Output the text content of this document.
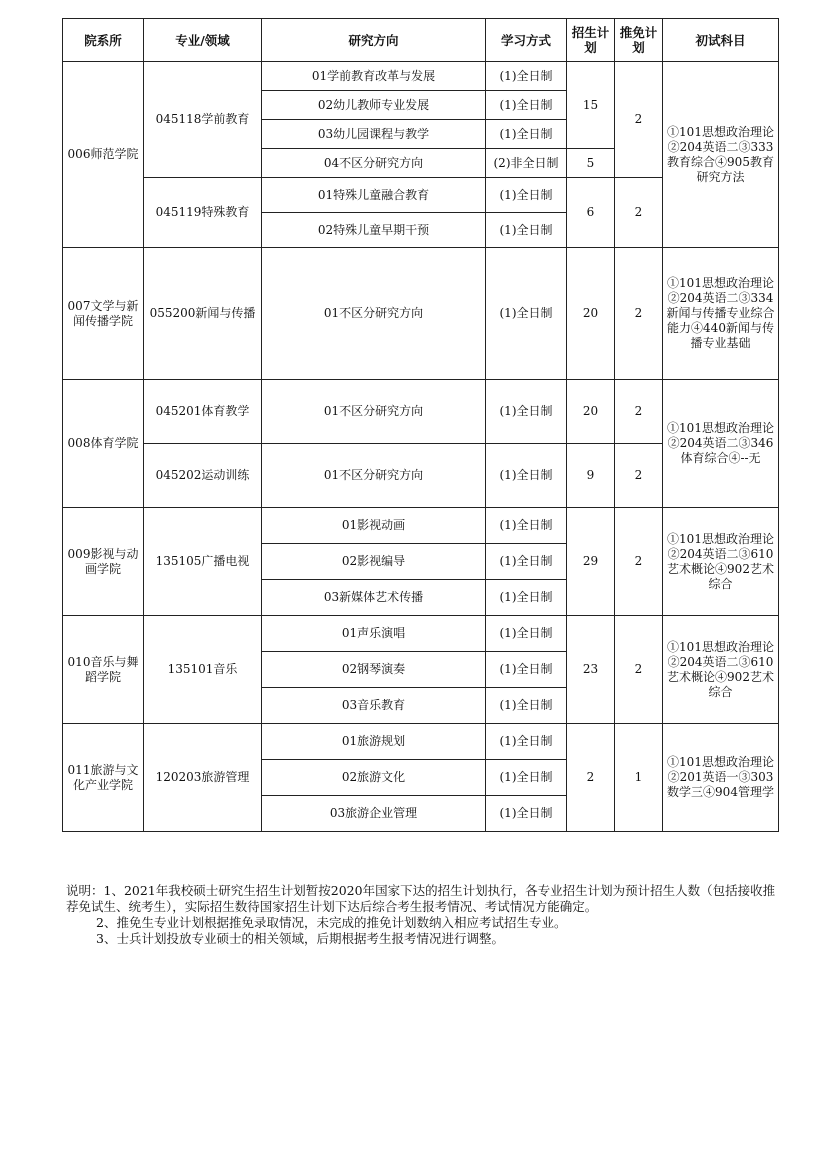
院系所	专业/领域	研究方向	学习方式	招生计划	推免计划	初试科目
006师范学院	045118学前教育	01学前教育改革与发展	(1)全日制	15	2	①101思想政治理论②204英语二③333教育综合④905教育研究方法
		02幼儿教师专业发展	(1)全日制			
		03幼儿园课程与教学	(1)全日制			
		04不区分研究方向	(2)非全日制	5		
	045119特殊教育	01特殊儿童融合教育	(1)全日制	6	2	
		02特殊儿童早期干预	(1)全日制			
007文学与新闻传播学院	055200新闻与传播	01不区分研究方向	(1)全日制	20	2	①101思想政治理论②204英语二③334新闻与传播专业综合能力④440新闻与传播专业基础
008体育学院	045201体育教学	01不区分研究方向	(1)全日制	20	2	①101思想政治理论②204英语二③346体育综合④--无
	045202运动训练	01不区分研究方向	(1)全日制	9	2	
009影视与动画学院	135105广播电视	01影视动画	(1)全日制	29	2	①101思想政治理论②204英语二③610艺术概论④902艺术综合
		02影视编导	(1)全日制			
		03新媒体艺术传播	(1)全日制			
010音乐与舞蹈学院	135101音乐	01声乐演唱	(1)全日制	23	2	①101思想政治理论②204英语二③610艺术概论④902艺术综合
		02钢琴演奏	(1)全日制			
		03音乐教育	(1)全日制			
011旅游与文化产业学院	120203旅游管理	01旅游规划	(1)全日制	2	1	①101思想政治理论②201英语一③303数学三④904管理学
		02旅游文化	(1)全日制			
		03旅游企业管理	(1)全日制			

说明：1、2021年我校硕士研究生招生计划暂按2020年国家下达的招生计划执行，各专业招生计划为预计招生人数（包括接收推荐免试生、统考生），实际招生数待国家招生计划下达后综合考生报考情况、考试情况方能确定。

2、推免生专业计划根据推免录取情况，未完成的推免计划数纳入相应考试招生专业。

3、士兵计划投放专业硕士的相关领域，后期根据考生报考情况进行调整。
